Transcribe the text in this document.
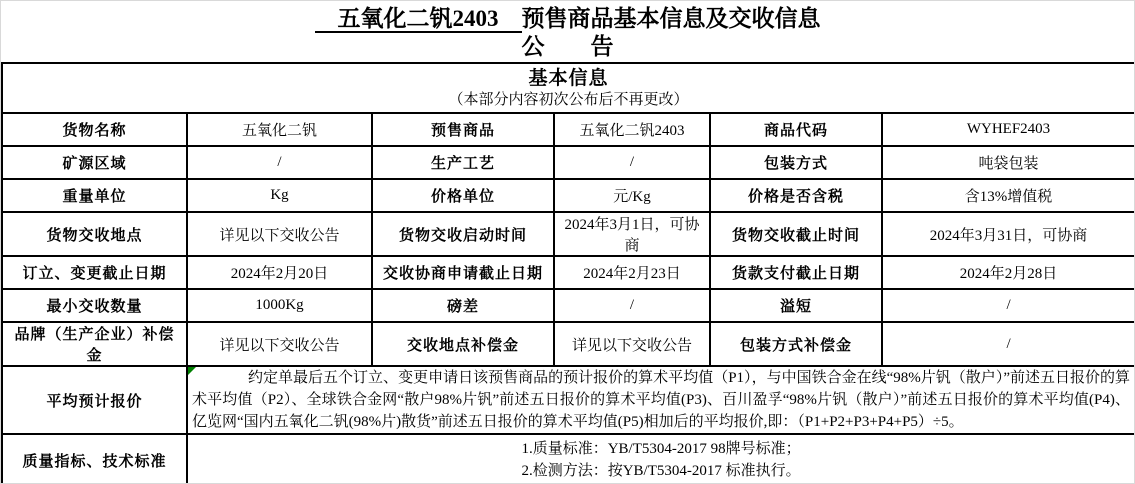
　五氧化二钒2403　预售商品基本信息及交收信息
公　　告
基本信息
（本部分内容初次公布后不再更改）					

货物名称	五氧化二钒	预售商品	五氧化二钒2403	商品代码	WYHEF2403
矿源区域	/	生产工艺	/	包装方式	吨袋包装
重量单位	Kg	价格单位	元/Kg	价格是否含税	含13%增值税
货物交收地点	详见以下交收公告	货物交收启动时间	2024年3月1日，可协商	货物交收截止时间	2024年3月31日，可协商
订立、变更截止日期	2024年2月20日	交收协商申请截止日期	2024年2月23日	货款支付截止日期	2024年2月28日
最小交收数量	1000Kg	磅差	/	溢短	/
品牌（生产企业）补偿金	详见以下交收公告	交收地点补偿金	详见以下交收公告	包装方式补偿金	/
平均预计报价	约定单最后五个订立、变更申请日该预售商品的预计报价的算术平均值（P1），与中国铁合金在线“98%片钒（散户）”前述五日报价的算术平均值（P2）、全球铁合金网“散户98%片钒”前述五日报价的算术平均值(P3)、百川盈孚“98%片钒（散户）”前述五日报价的算术平均值(P4)、亿览网“国内五氧化二钒(98%片)散货”前述五日报价的算术平均值(P5)相加后的平均报价,即：（P1+P2+P3+P4+P5）÷5。				

质量指标、技术标准	1.质量标准：YB/T5304-2017 98牌号标准；
2.检测方法：按YB/T5304-2017 标准执行。				
